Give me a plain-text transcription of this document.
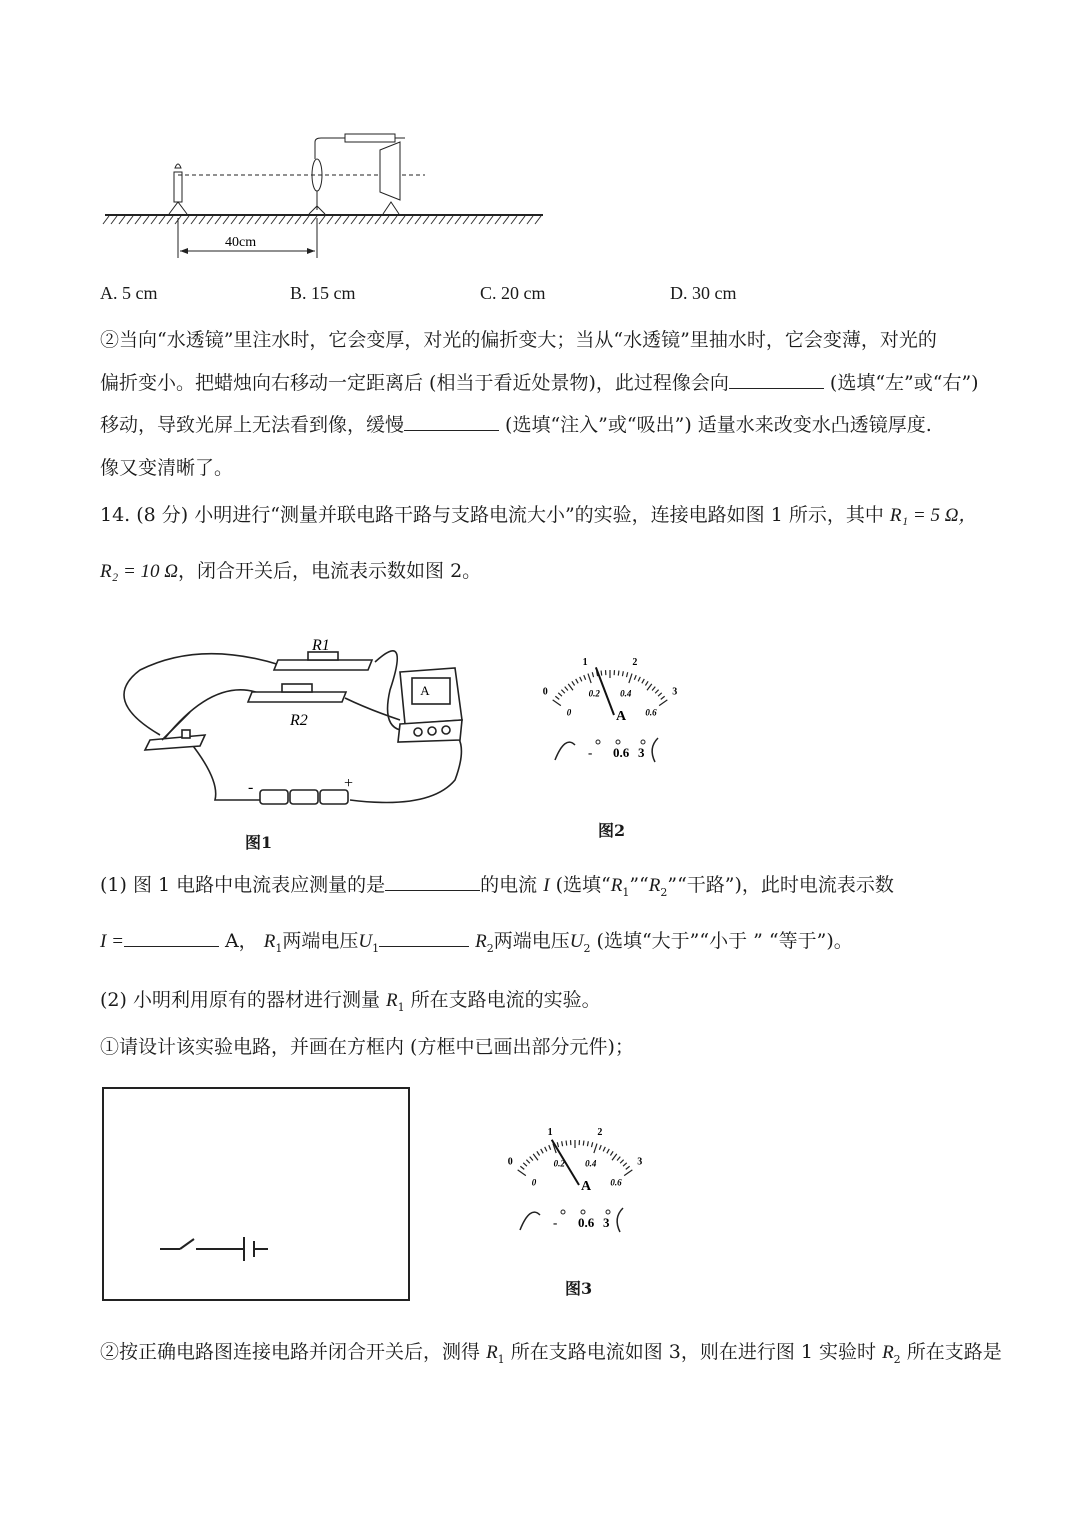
40cm
A. 5 cm	B. 15 cm	C. 20 cm	D. 30 cm
②当向“水透镜”里注水时，它会变厚，对光的偏折变大；当从“水透镜”里抽水时，它会变薄，对光的
偏折变小。把蜡烛向右移动一定距离后 (相当于看近处景物)，此过程像会向	(选填“左”或“右”)
移动，导致光屏上无法看到像，缓慢	(选填“注入”或“吸出”) 适量水来改变水凸透镜厚度.
像又变清晰了。
14. (8 分) 小明进行“测量并联电路干路与支路电流大小”的实验，连接电路如图 1 所示，其中 R₁ = 5 Ω，
R₂ = 10 Ω，闭合开关后，电流表示数如图 2。
A
R1
R2
-	+
图1
0
1	2
3
0
0.2 0.4
0.6
A
- 0.6 3
图2
(1) 图 1 电路中电流表应测量的是	的电流 I (选填“$R_1”“R_2”“$干路”)，此时电流表示数
I =	A， $R_1$两端电压$U_1$	$R_2$两端电压$U_2$ (选填“大于”“小于 ” “等于”)。
(2) 小明利用原有的器材进行测量 $R_1$ 所在支路电流的实验。
①请设计该实验电路，并画在方框内 (方框中已画出部分元件)；
0
1	2
3
0
0.2 0.4
0.6
A
- 0.6 3
图3
②按正确电路图连接电路并闭合开关后，测得 $R_1$ 所在支路电流如图 3，则在进行图 1 实验时 $R_2$ 所在支路是
